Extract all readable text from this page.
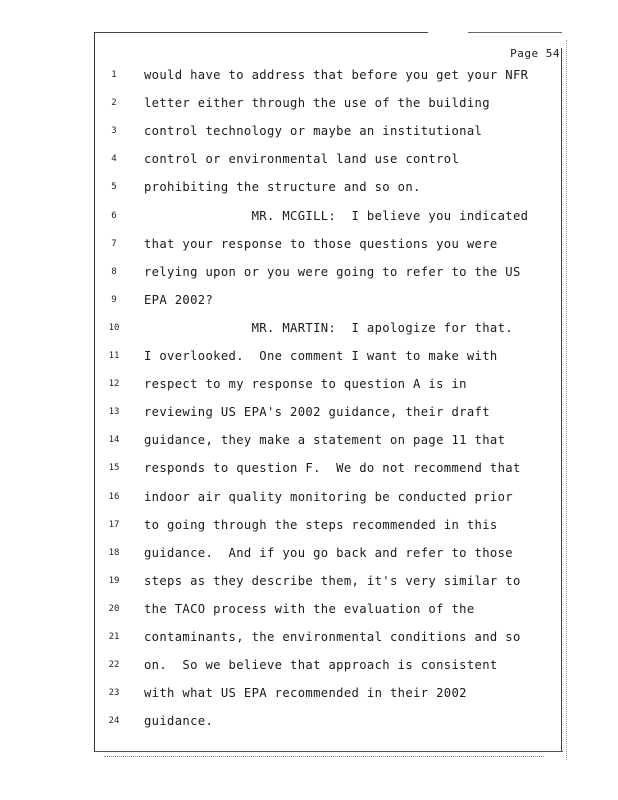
Page 54
1	would have to address that before you get your NFR
2	letter either through the use of the building
3	control technology or maybe an institutional
4	control or environmental land use control
5	prohibiting the structure and so on.
6	MR. MCGILL:  I believe you indicated
7	that your response to those questions you were
8	relying upon or you were going to refer to the US
9	EPA 2002?
10	MR. MARTIN:  I apologize for that.
11	I overlooked.  One comment I want to make with
12	respect to my response to question A is in
13	reviewing US EPA's 2002 guidance, their draft
14	guidance, they make a statement on page 11 that
15	responds to question F.  We do not recommend that
16	indoor air quality monitoring be conducted prior
17	to going through the steps recommended in this
18	guidance.  And if you go back and refer to those
19	steps as they describe them, it's very similar to
20	the TACO process with the evaluation of the
21	contaminants, the environmental conditions and so
22	on.  So we believe that approach is consistent
23	with what US EPA recommended in their 2002
24	guidance.
